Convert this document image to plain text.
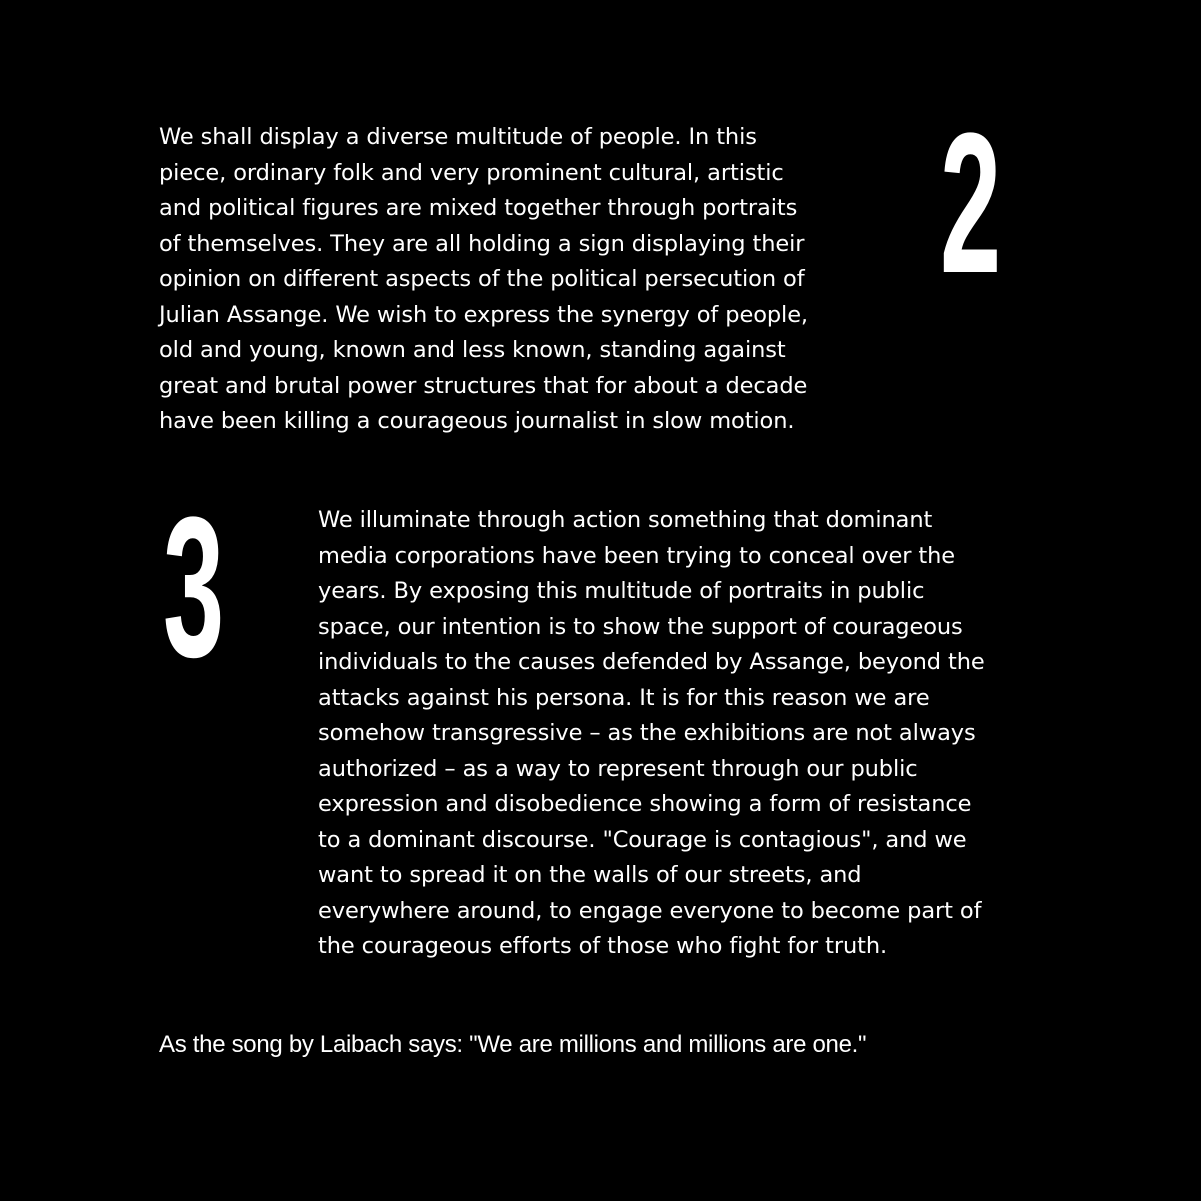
We shall display a diverse multitude of people. In this
piece, ordinary folk and very prominent cultural, artistic
and political figures are mixed together through portraits
of themselves. They are all holding a sign displaying their
opinion on different aspects of the political persecution of
Julian Assange. We wish to express the synergy of people,
old and young, known and less known, standing against
great and brutal power structures that for about a decade
have been killing a courageous journalist in slow motion.

2
3	We illuminate through action something that dominant
media corporations have been trying to conceal over the
years. By exposing this multitude of portraits in public
space, our intention is to show the support of courageous
individuals to the causes defended by Assange, beyond the
attacks against his persona. It is for this reason we are
somehow transgressive – as the exhibitions are not always
authorized – as a way to represent through our public
expression and disobedience showing a form of resistance
to a dominant discourse. "Courage is contagious", and we
want to spread it on the walls of our streets, and
everywhere around, to engage everyone to become part of
the courageous efforts of those who fight for truth.

As the song by Laibach says: "We are millions and millions are one."
